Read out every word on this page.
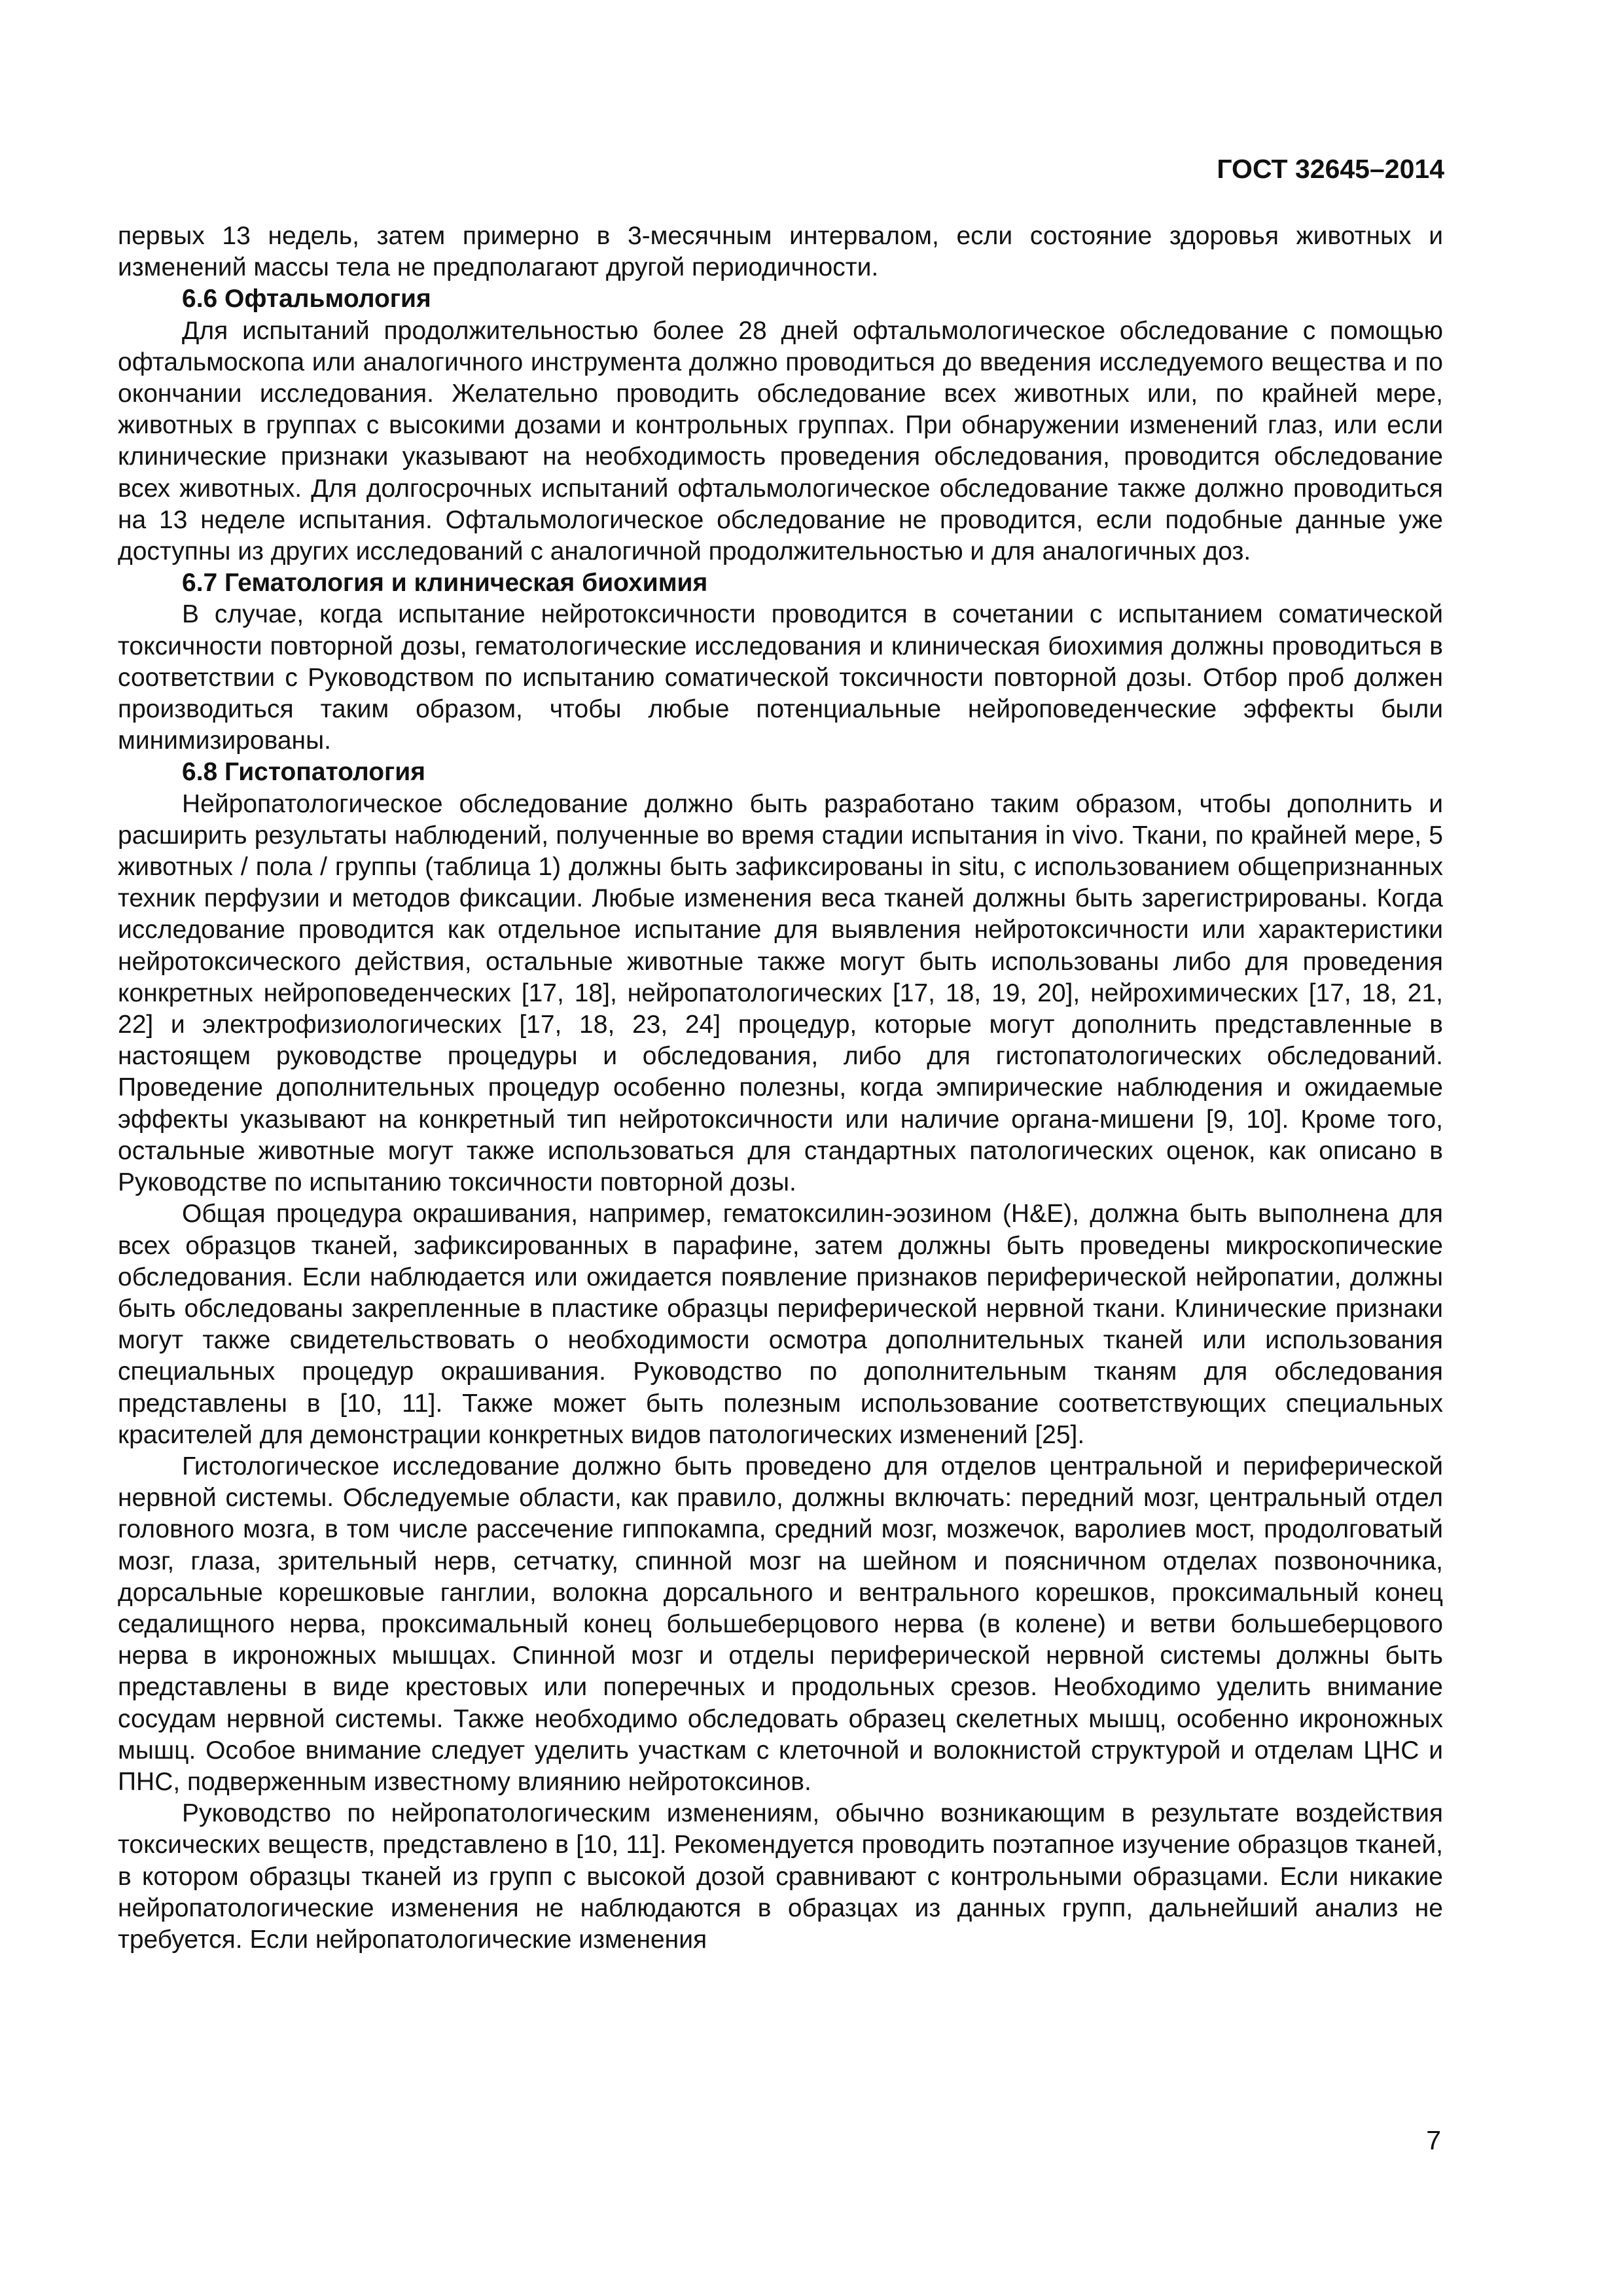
ГОСТ 32645–2014

первых 13 недель, затем примерно в 3-месячным интервалом, если состояние здоровья животных и изменений массы тела не предполагают другой периодичности.

6.6 Офтальмология

Для испытаний продолжительностью более 28 дней офтальмологическое обследование с помощью офтальмоскопа или аналогичного инструмента должно проводиться до введения исследуемого вещества и по окончании исследования. Желательно проводить обследование всех животных или, по крайней мере, животных в группах с высокими дозами и контрольных группах. При обнаружении изменений глаз, или если клинические признаки указывают на необходимость проведения обследования, проводится обследование всех животных. Для долгосрочных испытаний офтальмологическое обследование также должно проводиться на 13 неделе испытания. Офтальмологическое обследование не проводится, если подобные данные уже доступны из других исследований с аналогичной продолжительностью и для аналогичных доз.

6.7 Гематология и клиническая биохимия

В случае, когда испытание нейротоксичности проводится в сочетании с испытанием соматической токсичности повторной дозы, гематологические исследования и клиническая биохимия должны проводиться в соответствии с Руководством по испытанию соматической токсичности повторной дозы. Отбор проб должен производиться таким образом, чтобы любые потенциальные нейроповеденческие эффекты были минимизированы.

6.8 Гистопатология

Нейропатологическое обследование должно быть разработано таким образом, чтобы дополнить и расширить результаты наблюдений, полученные во время стадии испытания in vivo. Ткани, по крайней мере, 5 животных / пола / группы (таблица 1) должны быть зафиксированы in situ, с использованием общепризнанных техник перфузии и методов фиксации. Любые изменения веса тканей должны быть зарегистрированы. Когда исследование проводится как отдельное испытание для выявления нейротоксичности или характеристики нейротоксического действия, остальные животные также могут быть использованы либо для проведения конкретных нейроповеденческих [17, 18], нейропатологических [17, 18, 19, 20], нейрохимических [17, 18, 21, 22] и электрофизиологических [17, 18, 23, 24] процедур, которые могут дополнить представленные в настоящем руководстве процедуры и обследования, либо для гистопатологических обследований. Проведение дополнительных процедур особенно полезны, когда эмпирические наблюдения и ожидаемые эффекты указывают на конкретный тип нейротоксичности или наличие органа-мишени [9, 10]. Кроме того, остальные животные могут также использоваться для стандартных патологических оценок, как описано в Руководстве по испытанию токсичности повторной дозы.

Общая процедура окрашивания, например, гематоксилин-эозином (H&E), должна быть выполнена для всех образцов тканей, зафиксированных в парафине, затем должны быть проведены микроскопические обследования. Если наблюдается или ожидается появление признаков периферической нейропатии, должны быть обследованы закрепленные в пластике образцы периферической нервной ткани. Клинические признаки могут также свидетельствовать о необходимости осмотра дополнительных тканей или использования специальных процедур окрашивания. Руководство по дополнительным тканям для обследования представлены в [10, 11]. Также может быть полезным использование соответствующих специальных красителей для демонстрации конкретных видов патологических изменений [25].

Гистологическое исследование должно быть проведено для отделов центральной и периферической нервной системы. Обследуемые области, как правило, должны включать: передний мозг, центральный отдел головного мозга, в том числе рассечение гиппокампа, средний мозг, мозжечок, варолиев мост, продолговатый мозг, глаза, зрительный нерв, сетчатку, спинной мозг на шейном и поясничном отделах позвоночника, дорсальные корешковые ганглии, волокна дорсального и вентрального корешков, проксимальный конец седалищного нерва, проксимальный конец большеберцового нерва (в колене) и ветви большеберцового нерва в икроножных мышцах. Спинной мозг и отделы периферической нервной системы должны быть представлены в виде крестовых или поперечных и продольных срезов. Необходимо уделить внимание сосудам нервной системы. Также необходимо обследовать образец скелетных мышц, особенно икроножных мышц. Особое внимание следует уделить участкам с клеточной и волокнистой структурой и отделам ЦНС и ПНС, подверженным известному влиянию нейротоксинов.

Руководство по нейропатологическим изменениям, обычно возникающим в результате воздействия токсических веществ, представлено в [10, 11]. Рекомендуется проводить поэтапное изучение образцов тканей, в котором образцы тканей из групп с высокой дозой сравнивают с контрольными образцами. Если никакие нейропатологические изменения не наблюдаются в образцах из данных групп, дальнейший анализ не требуется. Если нейропатологические изменения

7
